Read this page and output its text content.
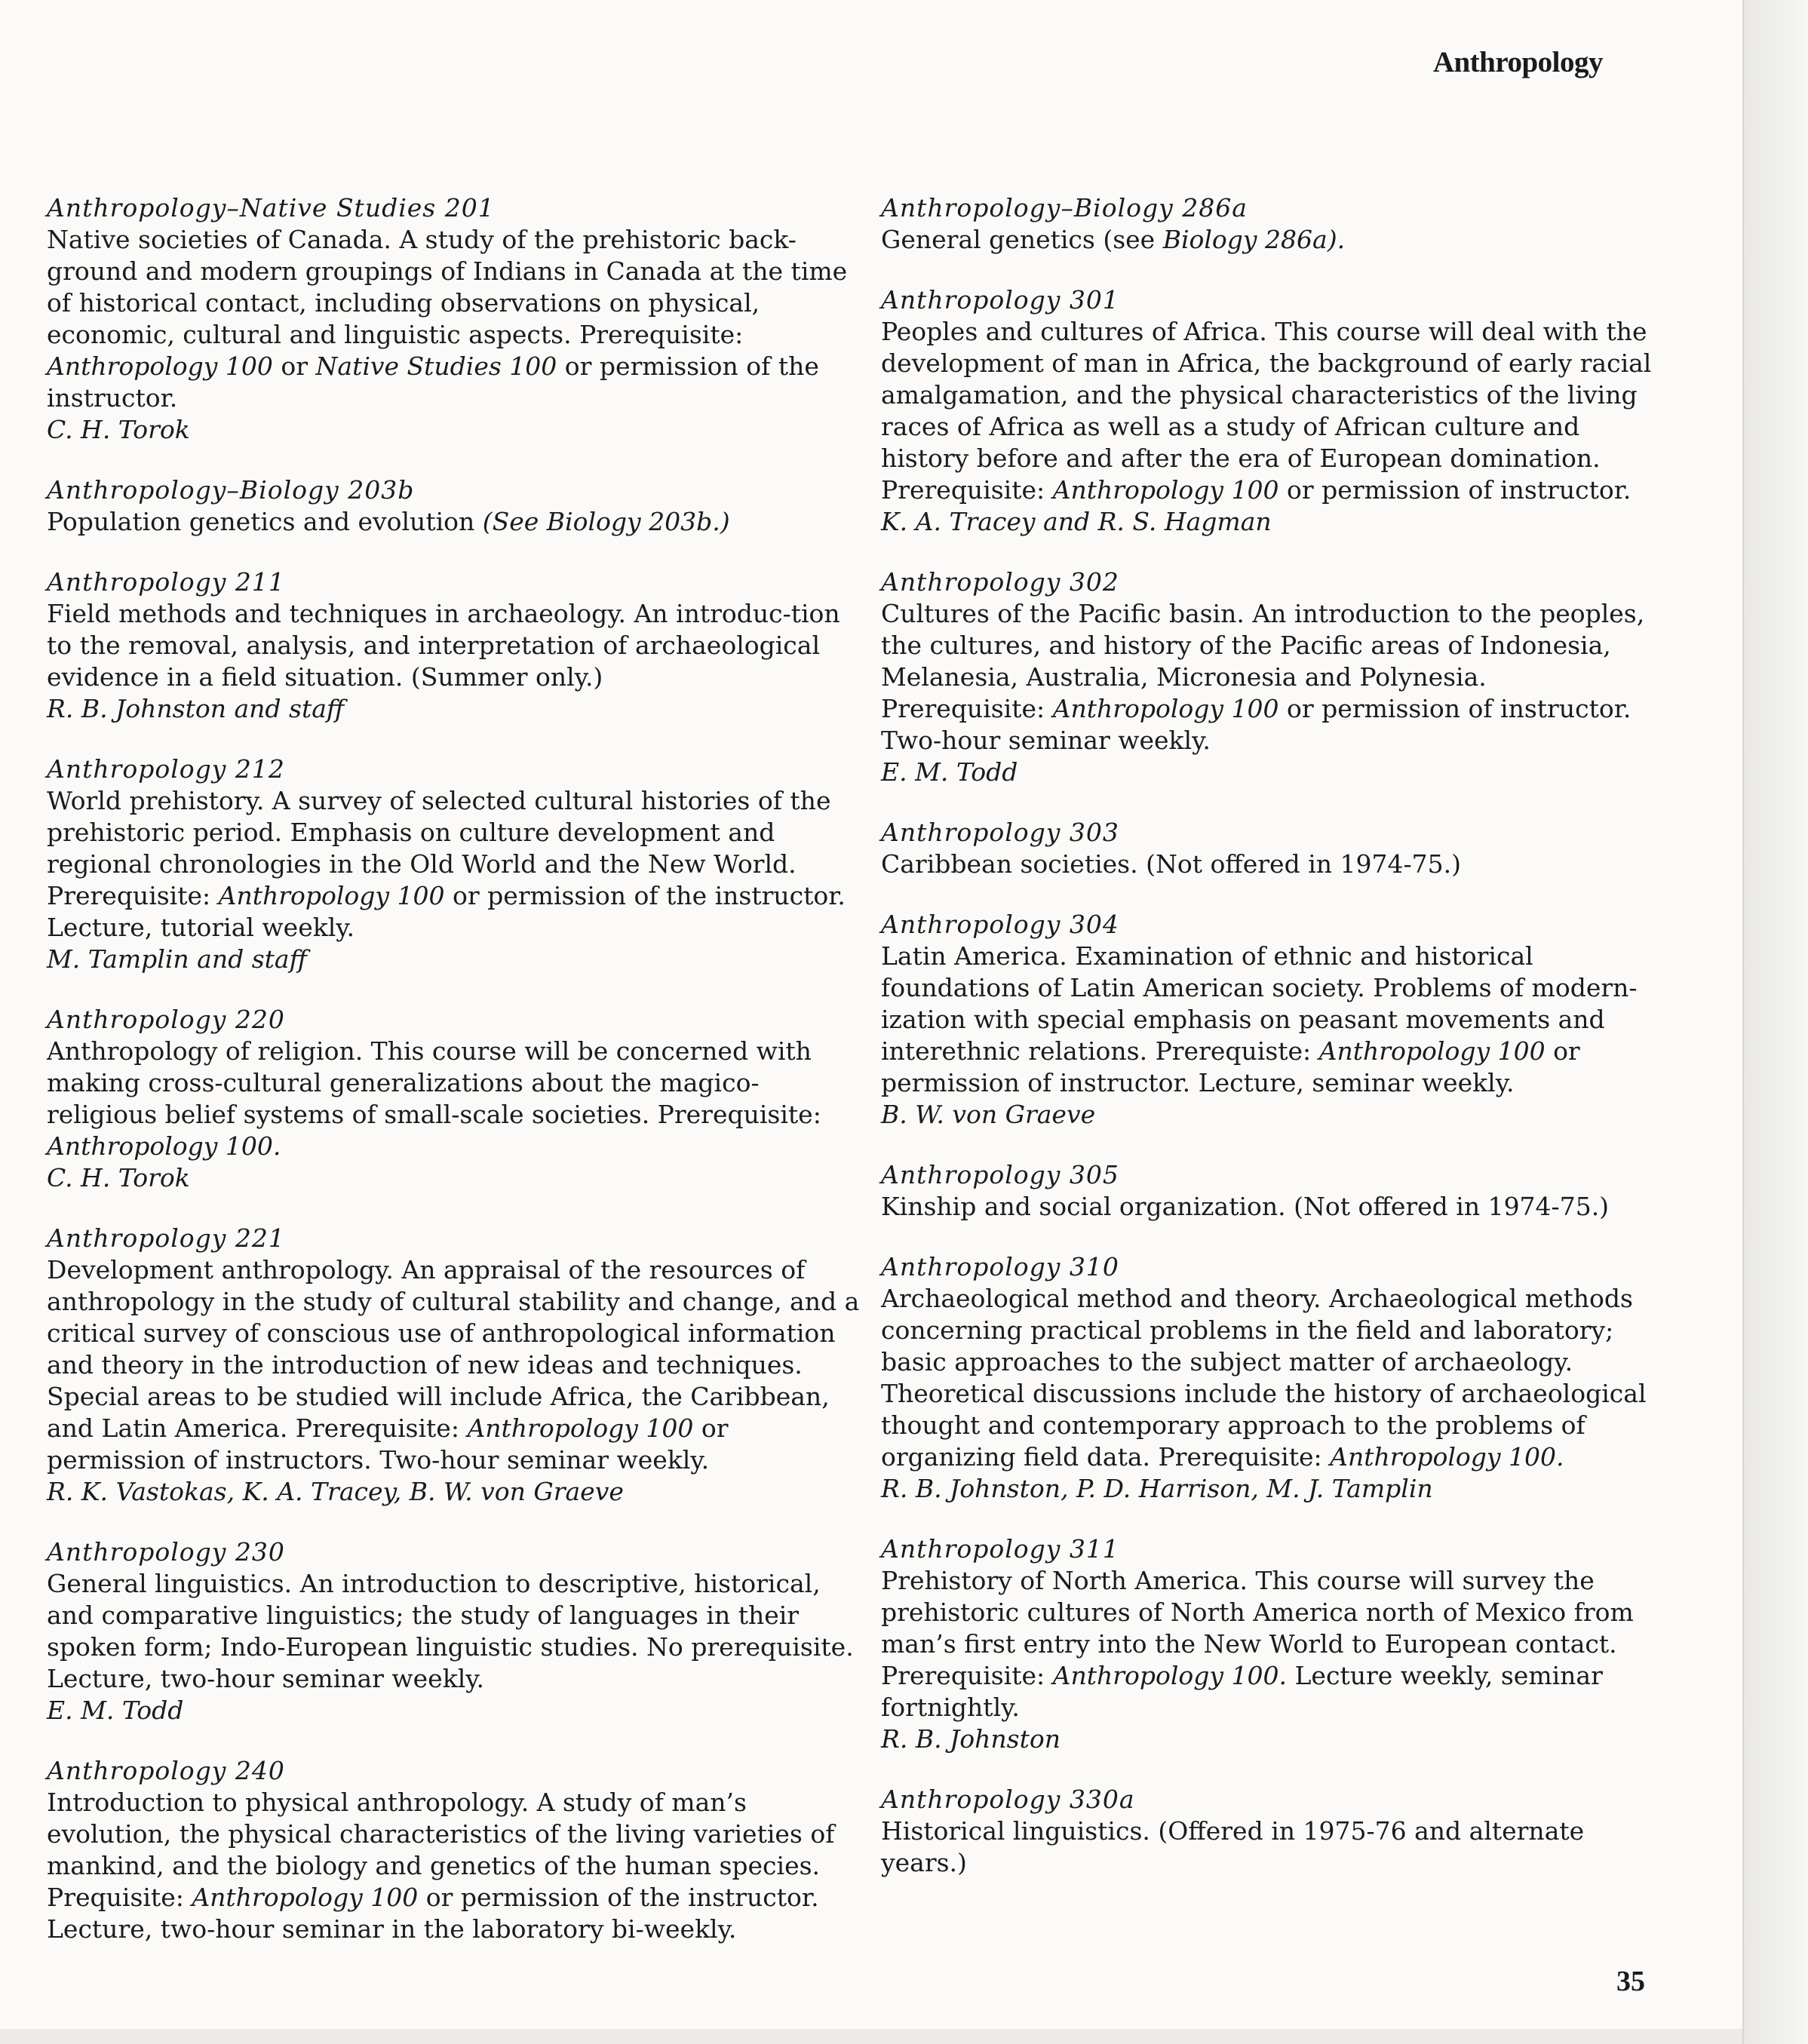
Anthropology
Anthropology–Native Studies 201

Native societies of Canada. A study of the prehistoric back-ground and modern groupings of Indians in Canada at the time of historical contact, including observations on physical, economic, cultural and linguistic aspects. Prerequisite: Anthropology 100 or Native Studies 100 or permission of the instructor.

C. H. Torok
Anthropology–Biology 203b

Population genetics and evolution (See Biology 203b.)

Anthropology 211

Field methods and techniques in archaeology. An introduc-tion to the removal, analysis, and interpretation of archaeological evidence in a field situation. (Summer only.)

R. B. Johnston and staff
Anthropology 212

World prehistory. A survey of selected cultural histories of the prehistoric period. Emphasis on culture development and regional chronologies in the Old World and the New World. Prerequisite: Anthropology 100 or permission of the instructor. Lecture, tutorial weekly.

M. Tamplin and staff
Anthropology 220

Anthropology of religion. This course will be concerned with making cross-cultural generalizations about the magico-religious belief systems of small-scale societies. Prerequisite: Anthropology 100.

C. H. Torok
Anthropology 221

Development anthropology. An appraisal of the resources of anthropology in the study of cultural stability and change, and a critical survey of conscious use of anthropological information and theory in the introduction of new ideas and techniques. Special areas to be studied will include Africa, the Caribbean, and Latin America. Prerequisite: Anthropology 100 or permission of instructors. Two-hour seminar weekly.

R. K. Vastokas, K. A. Tracey, B. W. von Graeve
Anthropology 230

General linguistics. An introduction to descriptive, historical, and comparative linguistics; the study of languages in their spoken form; Indo-European linguistic studies. No prerequisite. Lecture, two-hour seminar weekly.

E. M. Todd
Anthropology 240

Introduction to physical anthropology. A study of man’s evolution, the physical characteristics of the living varieties of mankind, and the biology and genetics of the human species. Prequisite: Anthropology 100 or permission of the instructor. Lecture, two-hour seminar in the laboratory bi-weekly.

Anthropology–Biology 286a

General genetics (see Biology 286a).

Anthropology 301

Peoples and cultures of Africa. This course will deal with the development of man in Africa, the background of early racial amalgamation, and the physical characteristics of the living races of Africa as well as a study of African culture and history before and after the era of European domination. Prerequisite: Anthropology 100 or permission of instructor.

K. A. Tracey and R. S. Hagman
Anthropology 302

Cultures of the Pacific basin. An introduction to the peoples, the cultures, and history of the Pacific areas of Indonesia, Melanesia, Australia, Micronesia and Polynesia. Prerequisite: Anthropology 100 or permission of instructor. Two-hour seminar weekly.

E. M. Todd
Anthropology 303

Caribbean societies. (Not offered in 1974-75.)

Anthropology 304

Latin America. Examination of ethnic and historical foundations of Latin American society. Problems of modern-ization with special emphasis on peasant movements and interethnic relations. Prerequiste: Anthropology 100 or permission of instructor. Lecture, seminar weekly.

B. W. von Graeve
Anthropology 305

Kinship and social organization. (Not offered in 1974-75.)

Anthropology 310

Archaeological method and theory. Archaeological methods concerning practical problems in the field and laboratory; basic approaches to the subject matter of archaeology. Theoretical discussions include the history of archaeological thought and contemporary approach to the problems of organizing field data. Prerequisite: Anthropology 100.

R. B. Johnston, P. D. Harrison, M. J. Tamplin
Anthropology 311

Prehistory of North America. This course will survey the prehistoric cultures of North America north of Mexico from man’s first entry into the New World to European contact. Prerequisite: Anthropology 100. Lecture weekly, seminar fortnightly.

R. B. Johnston
Anthropology 330a

Historical linguistics. (Offered in 1975-76 and alternate years.)

35
